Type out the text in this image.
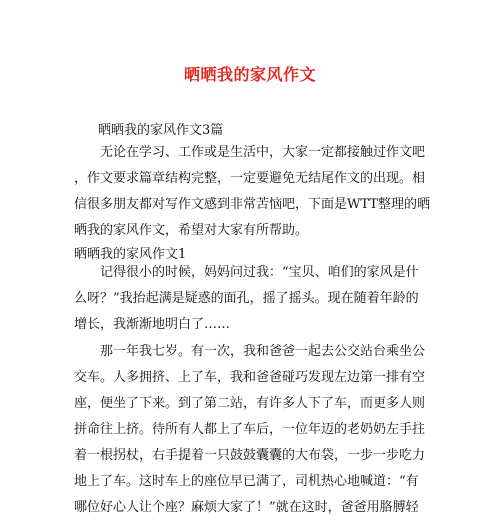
晒晒我的家风作文
晒晒我的家风作文3篇
无论在学习、工作或是生活中，大家一定都接触过作文吧
，作文要求篇章结构完整，一定要避免无结尾作文的出现。相
信很多朋友都对写作文感到非常苦恼吧，下面是WTT整理的晒
晒我的家风作文，希望对大家有所帮助。
晒晒我的家风作文1
记得很小的时候，妈妈问过我：“宝贝、咱们的家风是什
么呀？”我抬起满是疑惑的面孔，摇了摇头。现在随着年龄的
增长，我渐渐地明白了……
那一年我七岁。有一次，我和爸爸一起去公交站台乘坐公
交车。人多拥挤、上了车，我和爸爸碰巧发现左边第一排有空
座，便坐了下来。到了第二站，有许多人下了车，而更多人则
拼命往上挤。待所有人都上了车后，一位年迈的老奶奶左手拄
着一根拐杖，右手提着一只鼓鼓囊囊的大布袋，一步一步吃力
地上了车。这时车上的座位早已满了，司机热心地喊道：“有
哪位好心人让个座？麻烦大家了！”就在这时，爸爸用胳膊轻
